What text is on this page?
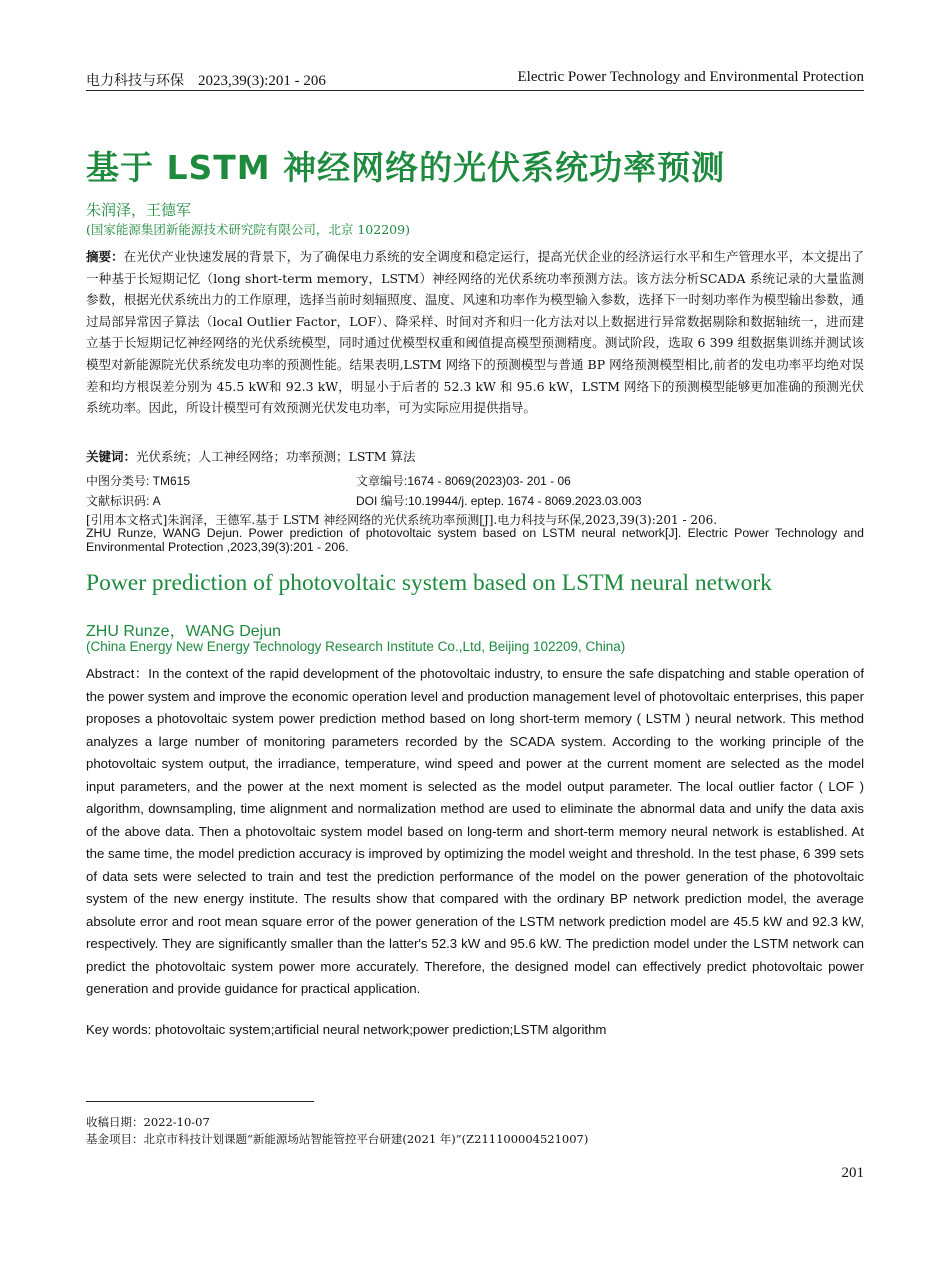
电力科技与环保 2023,39(3):201 - 206	Electric Power Technology and Environmental Protection
基于 LSTM 神经网络的光伏系统功率预测
朱润泽，王德军
(国家能源集团新能源技术研究院有限公司，北京 102209)
摘要：在光伏产业快速发展的背景下，为了确保电力系统的安全调度和稳定运行，提高光伏企业的经济运行水平和生产管理水平，本文提出了一种基于长短期记忆（long short-term memory，LSTM）神经网络的光伏系统功率预测方法。该方法分析SCADA 系统记录的大量监测参数，根据光伏系统出力的工作原理，选择当前时刻辐照度、温度、风速和功率作为模型输入参数，选择下一时刻功率作为模型输出参数，通过局部异常因子算法（local Outlier Factor，LOF）、降采样、时间对齐和归一化方法对以上数据进行异常数据剔除和数据轴统一，进而建立基于长短期记忆神经网络的光伏系统模型，同时通过优模型权重和阈值提高模型预测精度。测试阶段，选取 6 399 组数据集训练并测试该模型对新能源院光伏系统发电功率的预测性能。结果表明,LSTM 网络下的预测模型与普通 BP 网络预测模型相比,前者的发电功率平均绝对误差和均方根误差分别为 45.5 kW和 92.3 kW，明显小于后者的 52.3 kW 和 95.6 kW，LSTM 网络下的预测模型能够更加准确的预测光伏系统功率。因此，所设计模型可有效预测光伏发电功率，可为实际应用提供指导。
关键词：光伏系统；人工神经网络；功率预测；LSTM 算法
中图分类号: TM615	文章编号:1674 - 8069(2023)03- 201 - 06
文献标识码: A	DOI 编号:10.19944/j. eptep. 1674 - 8069.2023.03.003
[引用本文格式]朱润泽，王德军.基于 LSTM 神经网络的光伏系统功率预测[J].电力科技与环保,2023,39(3):201 - 206.
ZHU Runze, WANG Dejun. Power prediction of photovoltaic system based on LSTM neural network[J]. Electric Power Technology and Environmental Protection ,2023,39(3):201 - 206.
Power prediction of photovoltaic system based on LSTM neural network
ZHU Runze，WANG Dejun
(China Energy New Energy Technology Research Institute Co.,Ltd, Beijing 102209, China)
Abstract：In the context of the rapid development of the photovoltaic industry, to ensure the safe dispatching and stable operation of the power system and improve the economic operation level and production management level of photovoltaic enterprises, this paper proposes a photovoltaic system power prediction method based on long short-term memory ( LSTM ) neural network. This method analyzes a large number of monitoring parameters recorded by the SCADA system. According to the working principle of the photovoltaic system output, the irradiance, temperature, wind speed and power at the current moment are selected as the model input parameters, and the power at the next moment is selected as the model output parameter. The local outlier factor ( LOF ) algorithm, downsampling, time alignment and normalization method are used to eliminate the abnormal data and unify the data axis of the above data. Then a photovoltaic system model based on long-term and short-term memory neural network is established. At the same time, the model prediction accuracy is improved by optimizing the model weight and threshold. In the test phase, 6 399 sets of data sets were selected to train and test the prediction performance of the model on the power generation of the photovoltaic system of the new energy institute. The results show that compared with the ordinary BP network prediction model, the average absolute error and root mean square error of the power generation of the LSTM network prediction model are 45.5 kW and 92.3 kW, respectively. They are significantly smaller than the latter's 52.3 kW and 95.6 kW. The prediction model under the LSTM network can predict the photovoltaic system power more accurately. Therefore, the designed model can effectively predict photovoltaic power generation and provide guidance for practical application.
Key words: photovoltaic system;artificial neural network;power prediction;LSTM algorithm
收稿日期：2022-10-07
基金项目：北京市科技计划课题“新能源场站智能管控平台研建(2021 年)”(Z211100004521007)
201
